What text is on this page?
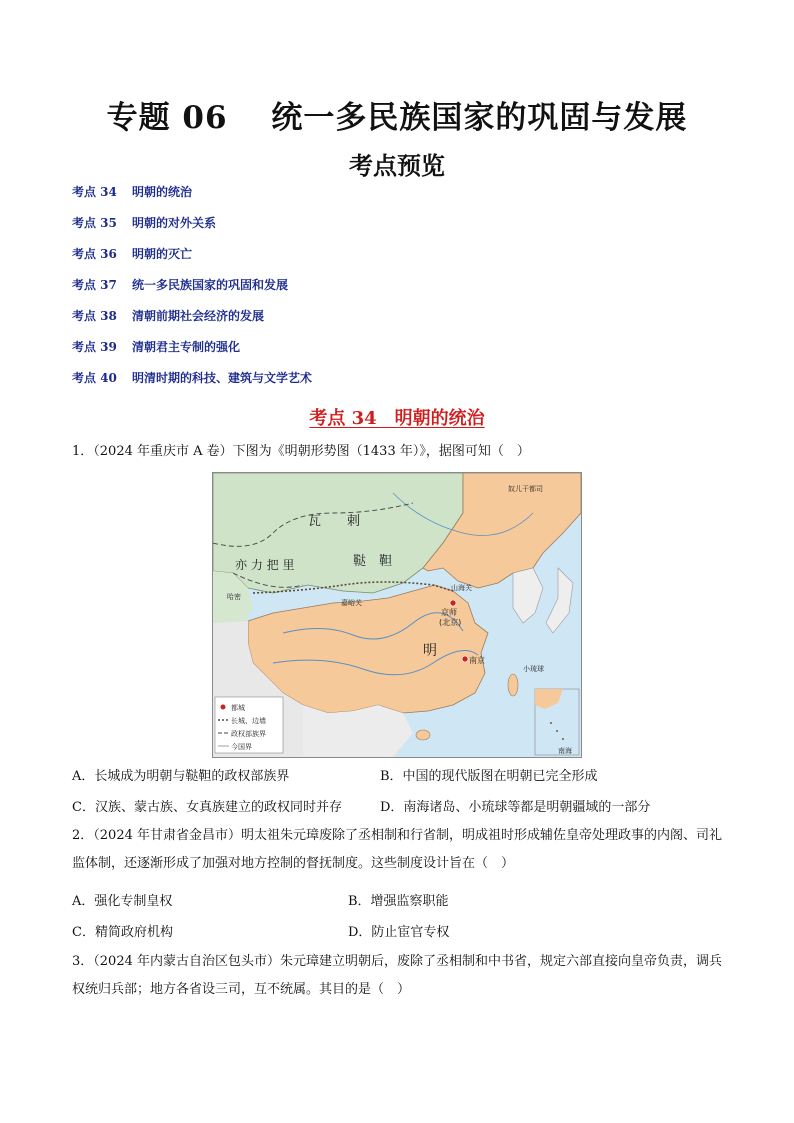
专题 06　 统一多民族国家的巩固与发展
考点预览
考点 34 明朝的统治
考点 35 明朝的对外关系
考点 36 明朝的灭亡
考点 37 统一多民族国家的巩固和发展
考点 38 清朝前期社会经济的发展
考点 39 清朝君主专制的强化
考点 40 明清时期的科技、建筑与文学艺术
考点 34　明朝的统治
1．（2024 年重庆市 A 卷）下图为《明朝形势图（1433 年）》，据图可知（　）
瓦　　剌
鞑　靼
亦 力 把 里
明
京师
(北京)
南京
山海关
嘉峪关
奴儿干都司
小琉球
哈密
都城
长城、边墙
政权部族界
今国界	南海
A．长城成为明朝与鞑靼的政权部族界	B．中国的现代版图在明朝已完全形成
C．汉族、蒙古族、女真族建立的政权同时并存	D．南海诸岛、小琉球等都是明朝疆域的一部分
2．（2024 年甘肃省金昌市）明太祖朱元璋废除了丞相制和行省制，明成祖时形成辅佐皇帝处理政事的内阁、司礼监体制，还逐渐形成了加强对地方控制的督抚制度。这些制度设计旨在（　）
A．强化专制皇权	B．增强监察职能
C．精简政府机构	D．防止宦官专权
3．（2024 年内蒙古自治区包头市）朱元璋建立明朝后，废除了丞相制和中书省，规定六部直接向皇帝负责，调兵权统归兵部；地方各省设三司，互不统属。其目的是（　）
